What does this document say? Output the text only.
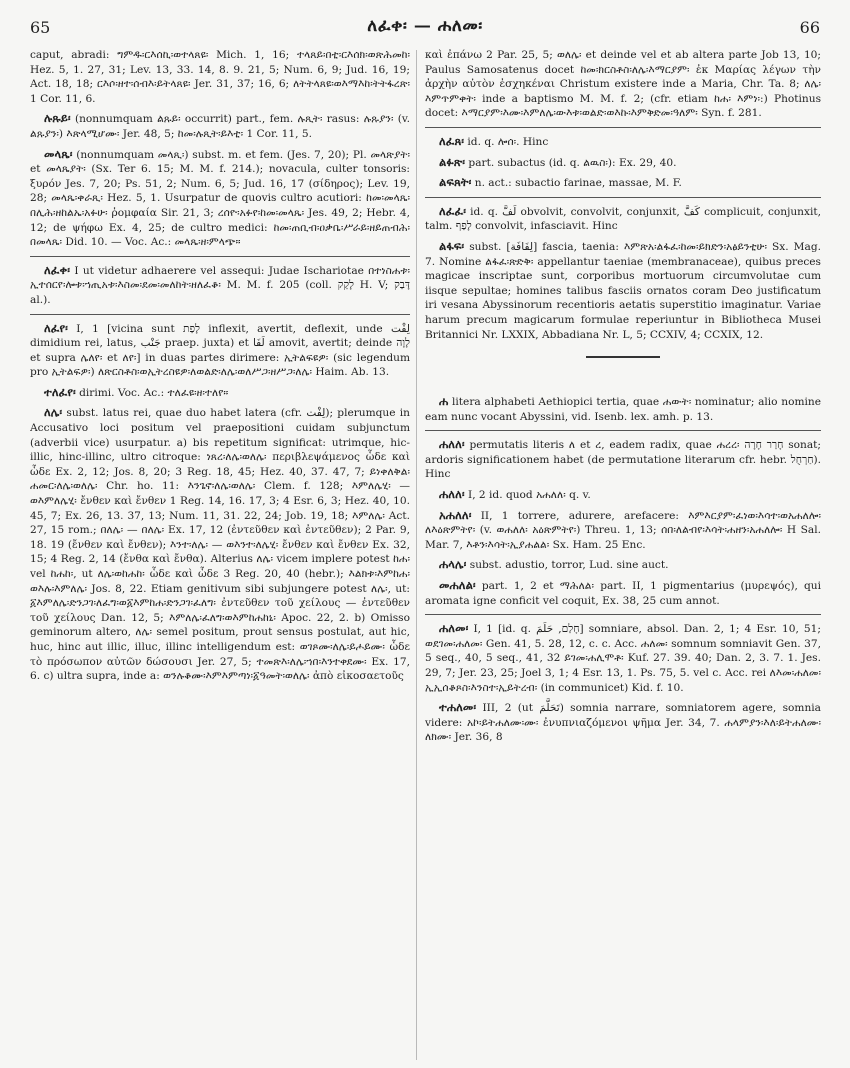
65	ለፈቀ፡ — ሐለመ፡	66

caput, abradi: ግምዱ፡ርእሰኪ፡ወተላጸዩ፡ Mich. 1, 16; ተላጸይ፡በቲ፡ርእሰክ፡ወጽሕመከ፡ Hez. 5, 1. 27, 31; Lev. 13, 33. 14, 8. 9. 21, 5; Num. 6, 9; Jud. 16, 19; Act. 18, 18; ርእሶ፡ዘተ፡ሰብእ፡ይትላጸዩ፡ Jer. 31, 37; 16, 6; ለትትላጸዩ፡ወእማእከ፡ትትፋረጽ፡ 1 Cor. 11, 6.

ሉጹይ፡ (nonnumquam ልጹይ፡ occurrit) part., fem. ሉጺት፡ rasus: ሉጹያን፡ (v. ልጹያን፡) እጽላሚሆሙ፡ Jer. 48, 5; ከመ፡ሉጺት፡ይእቲ፡ 1 Cor. 11, 5.

መላጼ፡ (nonnumquam መላጺ፡) subst. m. et fem. (Jes. 7, 20); Pl. መላጽያት፡ et መላጼያት፡ (Sx. Ter 6. 15; M. M. f. 214.); novacula, culter tonsoris: ξυρόν Jes. 7, 20; Ps. 51, 2; Num. 6, 5; Jud. 16, 17 (σίδηρος); Lev. 19, 28; መላጼ፡ቀራጺ፡ Hez. 5, 1. Usurpatur de quovis cultro acutiori: ከመ፡መላጼ፡በሊሕ፡ዘከልኤ፡አፉሁ፡ ῥομφαία Sir. 21, 3; ረሰዮ፡አፉየ፡ከመ፡መላጼ፡ Jes. 49, 2; Hebr. 4, 12; de ψήφω Ex. 4, 25; de cultro medici: ከመ፡ጠቢብ፡ዐቃቤ፡ሥራይ፡ዘይጠብሕ፡በመላጼ፡ Did. 10. — Voc. Ac.: መላጼ፡ዘ፡ምላጭ።

ለፈቀ፡ I ut videtur adhaerere vel assequi: Judae Ischariotae በተነስሐቱ፡ኢተሰርየ፡ሎቱ፡ኀጢአቱ፡እስመ፡ደመ፡መለከት፡ዘለፈቆ፡ M. M. f. 205 (coll. לָקַק H. V; דָּבַק al.).

ለፈየ፡ I, 1 [vicina sunt לָפַת inflexit, avertit, deflexit, unde لِفْت dimidium rei, latus, جَنْب praep. juxta) et لَفَا amovit, avertit; deinde לָוָה et supra ሌለየ፡ et ለየ፡] in duas partes dirimere: ኢትልፍዩዎ፡ (sic legendum pro ኢትልፍዎ፡) ለጽርስቶስ፡ወኢትረስዩዎ፡ለወልድ፡ለሌ፡ወለሥጋ፡ዘሥጋ፡ለሌ፡ Haim. Ab. 13.

ተለፈየ፡ dirimi. Voc. Ac.: ተለፈዩ፡ዘ፡ተለየ።

ለሌ፡ subst. latus rei, quae duo habet latera (cfr. لِفْت); plerumque in Accusativo loci positum vel praepositioni cuidam subjunctum (adverbii vice) usurpatur. a) bis repetitum significat: utrimque, hic-illic, hinc-illinc, ultro citroque: ነጸረ፡ለሌ፡ወለሌ፡ περιβλεψάμενος ὧδε καὶ ὧδε Ex. 2, 12; Jos. 8, 20; 3 Reg. 18, 45; Hez. 40, 37. 47, 7; ይነቀለቅል፡ሐመር፡ለሌ፡ወለሌ፡ Chr. ho. 11: እንጌኖ፡ለሌ፡ወለሌ፡ Clem. f. 128; እምለሌሂ፡ — ወእምለሌሂ፡ ἔνθεν καὶ ἔνθεν 1 Reg. 14, 16. 17, 3; 4 Esr. 6, 3; Hez. 40, 10. 45, 7; Ex. 26, 13. 37, 13; Num. 11, 31. 22, 24; Job. 19, 18; እምለሌ፡ Act. 27, 15 rom.; በለሌ፡ — በለሌ፡ Ex. 17, 12 (ἐντεῦθεν καὶ ἐντεῦθεν); 2 Par. 9, 18. 19 (ἔνθεν καὶ ἔνθεν); እንተ፡ለሌ፡ — ወእንተ፡ለሌሂ፡ ἔνθεν καὶ ἔνθεν Ex. 32, 15; 4 Reg. 2, 14 (ἔνθα καὶ ἔνθα). Alterius ለሌ፡ vicem implere potest ከሐ፡ vel ከሐከ፡, ut ለሌ፡ወከሐከ፡ ὧδε καὶ ὧδε 3 Reg. 20, 40 (hebr.); እልክቱ፡እምከሐ፡ወእሉ፡እምለሌ፡ Jos. 8, 22. Etiam genitivum sibi subjungere potest ለሌ፡, ut: ፩እምለሌ፡ድንጋገ፡ለፈግ፡ወ፩እምከሐ፡ድንጋገ፡ፈለግ፡ ἐντεῦθεν τοῦ χείλους — ἐντεῦθεν τοῦ χείλους Dan. 12, 5; እምለሌ፡ፈለግ፡ወእምከሐከኒ፡ Apoc. 22, 2. b) Omisso geminorum altero, ለሌ፡ semel positum, prout sensus postulat, aut hic, huc, hinc aut illic, illuc, illinc intelligendum est: ወገጾሙ፡ለሌ፡ይሖይሙ፡ ὧδε τὸ πρόσωπον αὐτῶν δώσουσι Jer. 27, 5; ተመጽእ፡ለሌ፡ኀበ፡እንተቀደሙ፡ Ex. 17, 6. c) ultra supra, inde a: ወንሉቆሙ፡እምእምጣነ፡፩ዓመት፡ወለሌ፡ ἀπὸ εἰκοσαετοῦς

καὶ ἐπάνω 2 Par. 25, 5; ወለሌ፡ et deinde vel et ab altera parte Job 13, 10; Paulus Samosatenus docet ከመ፡ክርስቶስ፡ለሌ፡እማርያም፡ ἐκ Μαρίας λέγων τὴν ἀρχὴν αὐτὸν ἐσχηκέναι Christum existere inde a Maria, Chr. Ta. 8; ለሌ፡እምጥምቀት፡ inde a baptismo M. M. f. 2; (cfr. etiam ከሐ፡ እምነ፡:) Photinus docet: እማርያም፡እሙ፡እምለሌ፡ውእቱ፡ወልድ፡ወእኩ፡እምቅድመ፡ዓለም፡ Syn. f. 281.

ለፈጸ፡ id. q. ሎሰ፡. Hinc

ልፉጽ፡ part. subactus (id. q. ልዉስ፡): Ex. 29, 40.

ልፍጸት፡ n. act.: subactio farinae, massae, M. F.

ለፈፈ፡ id. q. لَفَّ obvolvit, convolvit, conjunxit, كَفَّ complicuit, conjunxit, talm. לָפַף convolvit, infasciavit. Hinc

ልፋፍ፡ subst. [لِفَافَة] fascia, taenia: እምጽአ፡ልፋፈ፡ከመ፡ይክድን፡አፅይንቲሁ፡ Sx. Mag. 7. Nomine ልፋፈ፡ጽድቅ፡ appellantur taeniae (membranaceae), quibus preces magicae inscriptae sunt, corporibus mortuorum circumvolutae cum iisque sepultae; homines talibus fasciis ornatos coram Deo justificatum iri vesana Abyssinorum recentioris aetatis superstitio imaginatur. Variae harum precum magicarum formulae reperiuntur in Bibliotheca Musei Britannici Nr. LXXIX, Abbadiana Nr. L, 5; CCXIV, 4; CCXIX, 12.

ሐ litera alphabeti Aethiopici tertia, quae ሐውት፡ nominatur; alio nomine eam nunc vocant Abyssini, vid. Isenb. lex. amh. p. 13.

ሐለለ፡ permutatis literis ለ et ረ, eadem radix, quae ሐረረ፡ חָרַר חָרָה sonat; ardoris significationem habet (de permutatione literarum cfr. hebr. חַרְחֻל). Hinc

ሐለለ፡ I, 2 id. quod አሐለለ፡ q. v.

አሐለለ፡ II, 1 torrere, adurere, arefacere: እምእርያም፡ፈነወ፡እሳተ፡ወአሐለሎ፡ለእዕጽምትየ፡ (v. ወሐለለ፡ አዕጽምትየ፡) Threu. 1, 13; ሰበ፡ለልብየ፡እሳት፡ሐዘን፡አሐለሎ፡ H Sal. Mar. 7, እቶን፡እሳት፡ኢያሐልል፡ Sx. Ham. 25 Enc.

ሐላሌ፡ subst. adustio, torror, Lud. sine auct.

መሐለል፡ part. 1, 2 et ማሕለል፡ part. II, 1 pigmentarius (μυρεψός), qui aromata igne conficit vel coquit, Ex. 38, 25 cum annot.

ሐለመ፡ I, 1 [id. q. חָלַם, حَلَمَ] somniare, absol. Dan. 2, 1; 4 Esr. 10, 51; ወደገመ፡ሐለመ፡ Gen. 41, 5. 28, 12, c. c. Acc. ሐለመ፡ somnum somniavit Gen. 37, 5 seq., 40, 5 seq., 41, 32 ይገመ፡ሐሊሞቶ፡ Kuf. 27. 39. 40; Dan. 2, 3. 7. 1. Jes. 29, 7; Jer. 23, 25; Joel 3, 1; 4 Esr. 13, 1. Ps. 75, 5. vel c. Acc. rei ለእመ፡ሐለመ፡ኢኢሰቆጾስ፡እንስተ፡ኢይትረብ፡ (in communicet) Kid. f. 10.

ተሐለመ፡ III, 2 (ut تَحَلَّمَ) somnia narrare, somniatorem agere, somnia videre: አኮ፡ይትሐለሙ፡ሙ፡ ἐνυπνιαζόμενοι ψῆμα Jer. 34, 7. ሐላምያን፡እለ፡ይትሐለሙ፡ ለክሙ፡ Jer. 36, 8
